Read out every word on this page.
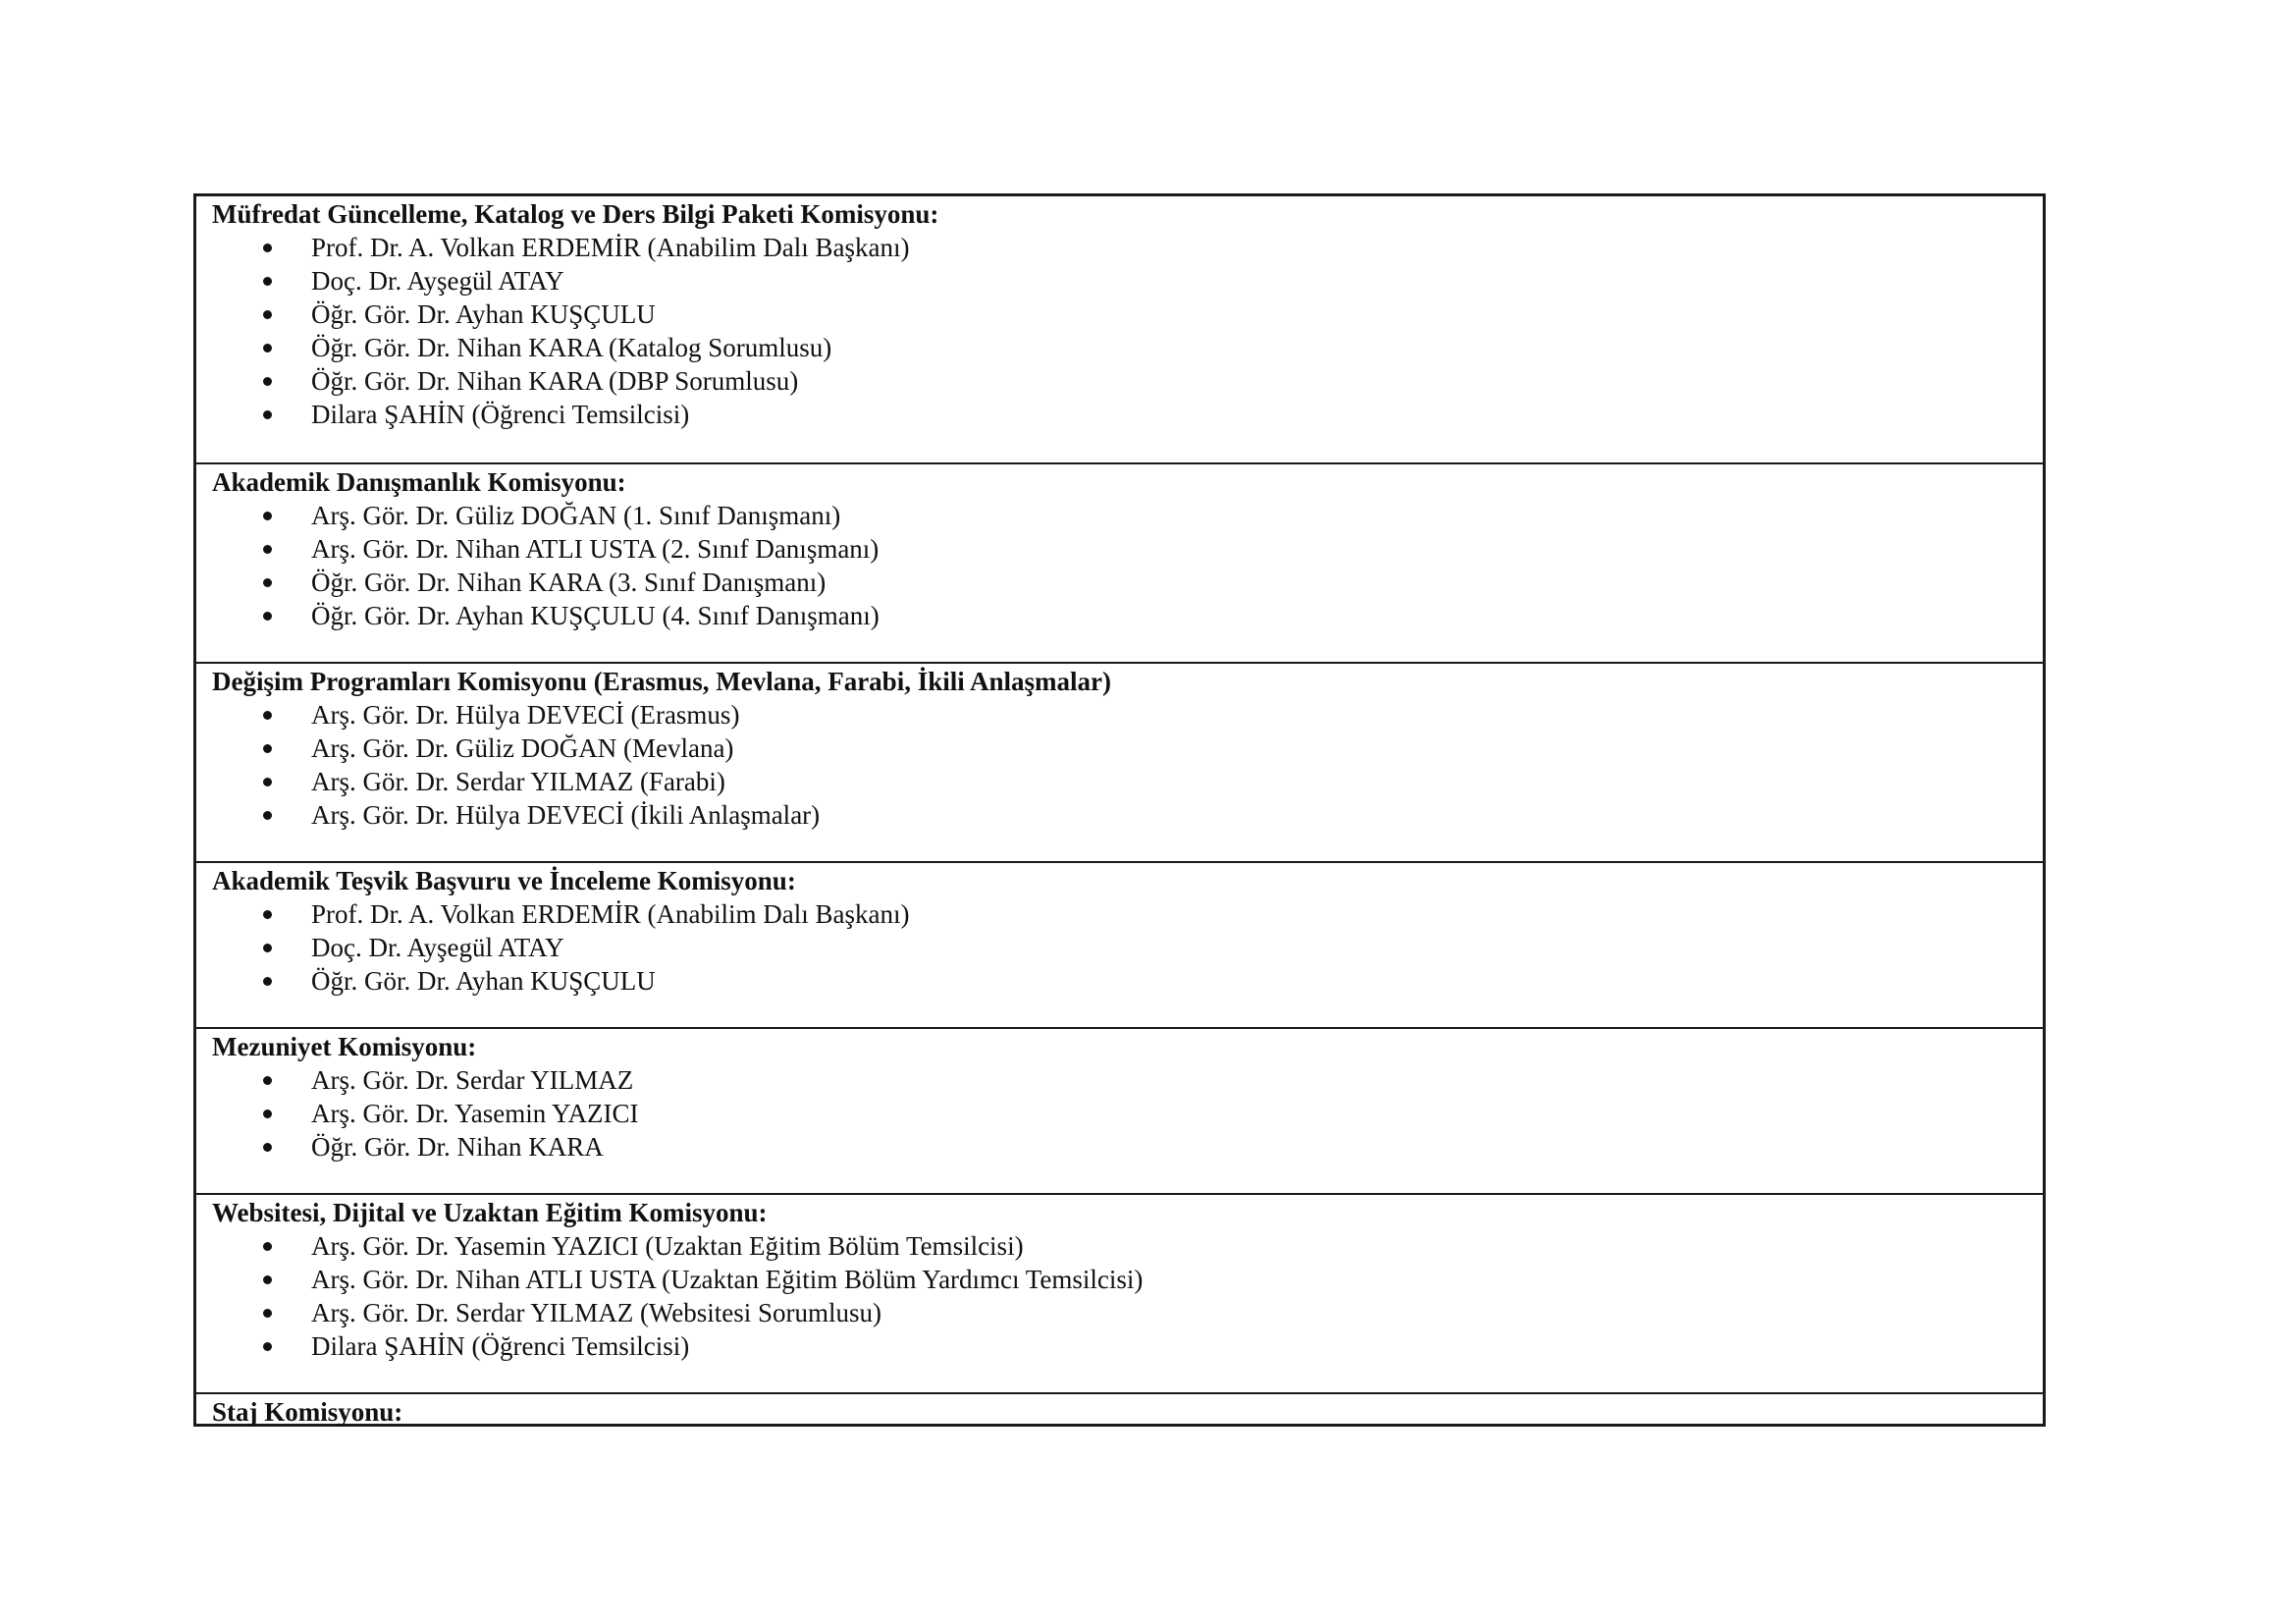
Müfredat Güncelleme, Katalog ve Ders Bilgi Paketi Komisyonu:
Prof. Dr. A. Volkan ERDEMİR (Anabilim Dalı Başkanı)
Doç. Dr. Ayşegül ATAY
Öğr. Gör. Dr. Ayhan KUŞÇULU
Öğr. Gör. Dr. Nihan KARA (Katalog Sorumlusu)
Öğr. Gör. Dr. Nihan KARA (DBP Sorumlusu)
Dilara ŞAHİN (Öğrenci Temsilcisi)
Akademik Danışmanlık Komisyonu:
Arş. Gör. Dr. Güliz DOĞAN (1. Sınıf Danışmanı)
Arş. Gör. Dr. Nihan ATLI USTA (2. Sınıf Danışmanı)
Öğr. Gör. Dr. Nihan KARA (3. Sınıf Danışmanı)
Öğr. Gör. Dr. Ayhan KUŞÇULU (4. Sınıf Danışmanı)
Değişim Programları Komisyonu (Erasmus, Mevlana, Farabi, İkili Anlaşmalar)
Arş. Gör. Dr. Hülya DEVECİ (Erasmus)
Arş. Gör. Dr. Güliz DOĞAN (Mevlana)
Arş. Gör. Dr. Serdar YILMAZ (Farabi)
Arş. Gör. Dr. Hülya DEVECİ (İkili Anlaşmalar)
Akademik Teşvik Başvuru ve İnceleme Komisyonu:
Prof. Dr. A. Volkan ERDEMİR (Anabilim Dalı Başkanı)
Doç. Dr. Ayşegül ATAY
Öğr. Gör. Dr. Ayhan KUŞÇULU
Mezuniyet Komisyonu:
Arş. Gör. Dr. Serdar YILMAZ
Arş. Gör. Dr. Yasemin YAZICI
Öğr. Gör. Dr. Nihan KARA
Websitesi, Dijital ve Uzaktan Eğitim Komisyonu:
Arş. Gör. Dr. Yasemin YAZICI (Uzaktan Eğitim Bölüm Temsilcisi)
Arş. Gör. Dr. Nihan ATLI USTA (Uzaktan Eğitim Bölüm Yardımcı Temsilcisi)
Arş. Gör. Dr. Serdar YILMAZ (Websitesi Sorumlusu)
Dilara ŞAHİN (Öğrenci Temsilcisi)
Staj Komisyonu:
